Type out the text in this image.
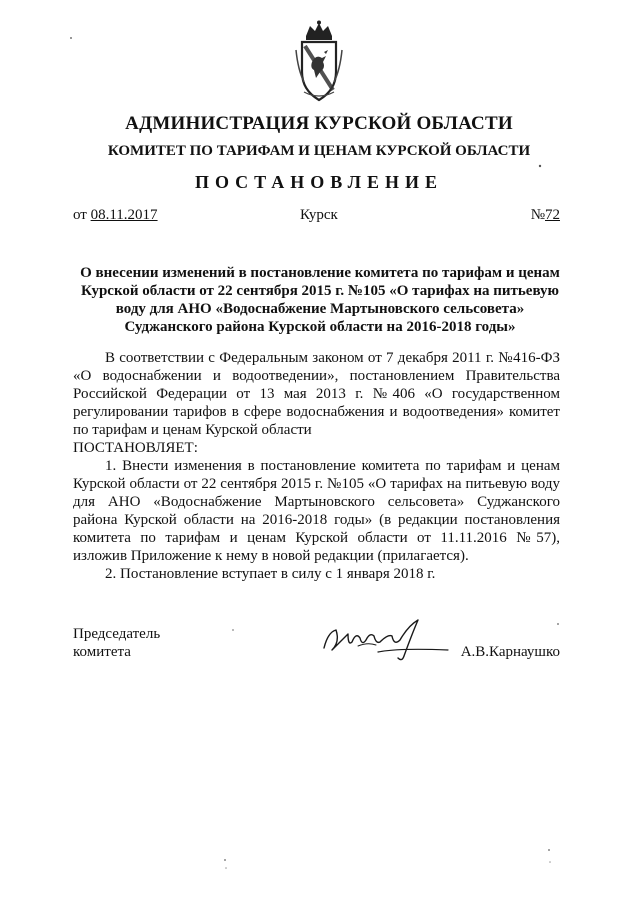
АДМИНИСТРАЦИЯ КУРСКОЙ ОБЛАСТИ
КОМИТЕТ ПО ТАРИФАМ И ЦЕНАМ КУРСКОЙ ОБЛАСТИ
ПОСТАНОВЛЕНИЕ
от 08.11.2017	Курск	№72
О внесении изменений в постановление комитета по тарифам и ценам
Курской области от 22 сентября 2015 г. №105 «О тарифах на питьевую
воду для АНО «Водоснабжение Мартыновского сельсовета»
Суджанского района Курской области на 2016-2018 годы»

В соответствии с Федеральным законом от 7 декабря 2011 г. №416-ФЗ «О водоснабжении и водоотведении», постановлением Правительства Российской Федерации от 13 мая 2013 г. №406 «О государственном регулировании тарифов в сфере водоснабжения и водоотведения» комитет по тарифам и ценам Курской области

ПОСТАНОВЛЯЕТ:

1. Внести изменения в постановление комитета по тарифам и ценам Курской области от 22 сентября 2015 г. №105 «О тарифах на питьевую воду для АНО «Водоснабжение Мартыновского сельсовета» Суджанского района Курской области на 2016-2018 годы» (в редакции постановления комитета по тарифам и ценам Курской области от 11.11.2016 №57), изложив Приложение к нему в новой редакции (прилагается).

2. Постановление вступает в силу с 1 января 2018 г.

Председатель
комитета	А.В.Карнаушко
